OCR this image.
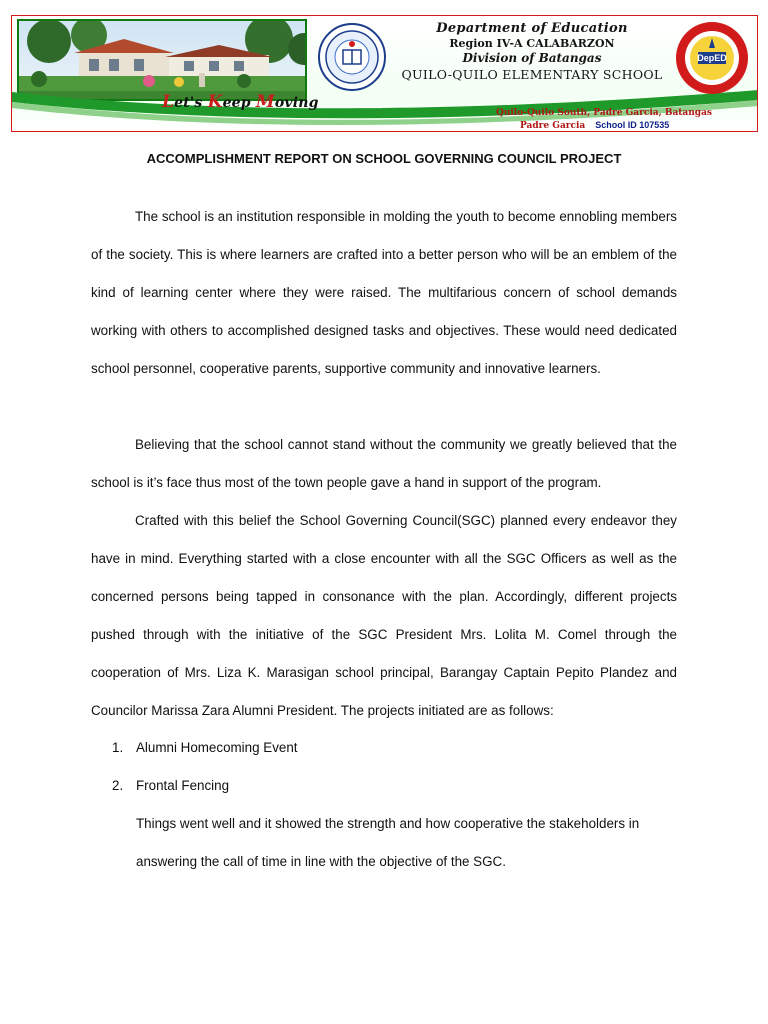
Let's Keep Moving
Department of Education
Region IV-A CALABARZON
Division of Batangas
QUILO-QUILO ELEMENTARY SCHOOL
DepED
Quilo-Quilo South, Padre Garcia, Batangas
Padre Garcia School ID 107535
ACCOMPLISHMENT REPORT ON SCHOOL GOVERNING COUNCIL PROJECT

The school is an institution responsible in molding the youth to become ennobling members of the society. This is where learners are crafted into a better person who will be an emblem of the kind of learning center where they were raised. The multifarious concern of school demands working with others to accomplished designed tasks and objectives. These would need dedicated school personnel, cooperative parents, supportive community and innovative learners.

Believing that the school cannot stand without the community we greatly believed that the school is it’s face thus most of the town people gave a hand in support of the program.

Crafted with this belief the School Governing Council(SGC) planned every endeavor they have in mind. Everything started with a close encounter with all the SGC Officers as well as the concerned persons being tapped in consonance with the plan. Accordingly, different projects pushed through with the initiative of the SGC President Mrs. Lolita M. Comel through the cooperation of Mrs. Liza K. Marasigan school principal, Barangay Captain Pepito Plandez and Councilor Marissa Zara Alumni President. The projects initiated are as follows:

1. Alumni Homecoming Event
2. Frontal Fencing

Things went well and it showed the strength and how cooperative the stakeholders in answering the call of time in line with the objective of the SGC.
